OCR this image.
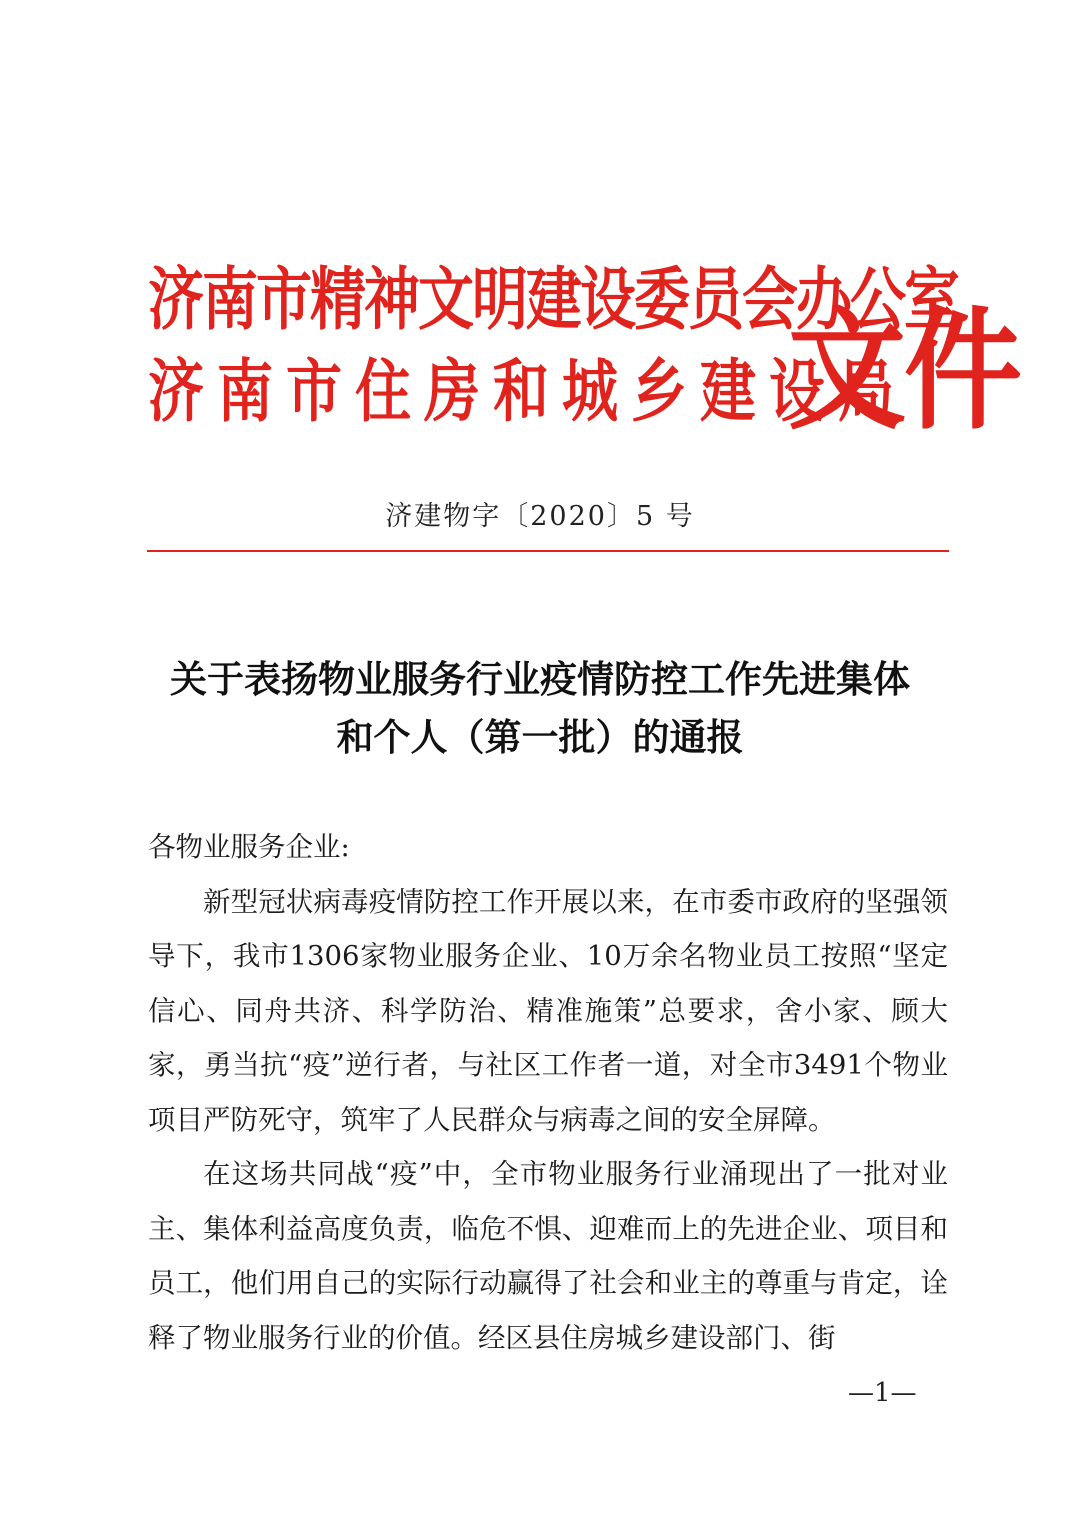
济南市精神文明建设委员会办公室
济南市住房和城乡建设局
文件
济建物字〔2020〕5 号
关于表扬物业服务行业疫情防控工作先进集体
和个人（第一批）的通报
各物业服务企业:

新型冠状病毒疫情防控工作开展以来，在市委市政府的坚强领导下，我市1306家物业服务企业、10万余名物业员工按照“坚定信心、同舟共济、科学防治、精准施策”总要求，舍小家、顾大家，勇当抗“疫”逆行者，与社区工作者一道，对全市3491个物业项目严防死守，筑牢了人民群众与病毒之间的安全屏障。

在这场共同战“疫”中，全市物业服务行业涌现出了一批对业主、集体利益高度负责，临危不惧、迎难而上的先进企业、项目和员工，他们用自己的实际行动赢得了社会和业主的尊重与肯定，诠释了物业服务行业的价值。经区县住房城乡建设部门、街

—1—
